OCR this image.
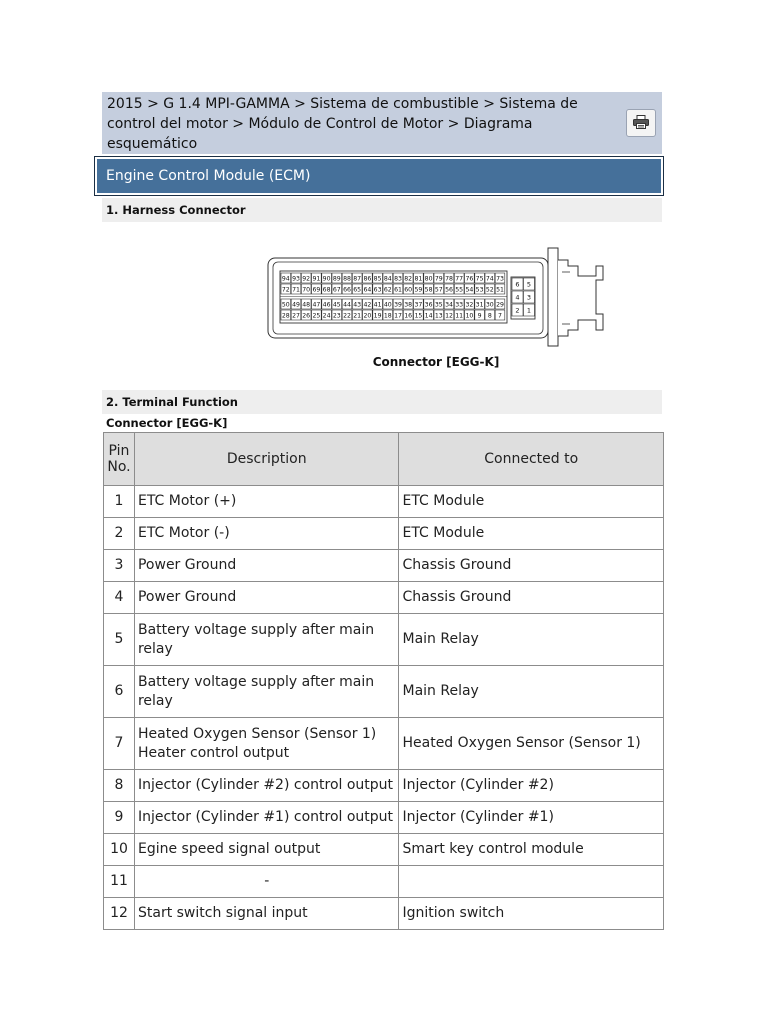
2015 > G 1.4 MPI-GAMMA > Sistema de combustible > Sistema de control del motor > Módulo de Control de Motor > Diagrama esquemático
Engine Control Module (ECM)
1. Harness Connector
94 93 92 91 90 89 88 87 86 85 84 83 82 81 80 79 78 77 76 75 74 73
72 71 70 69 68 67 66 65 64 63 62 61 60 59 58 57 56 55 54 53 52 51
50 49 48 47 46 45 44 43 42 41 40 39 38 37 36 35 34 33 32 31 30 29
28 27 26 25 24 23 22 21 20 19 18 17 16 15 14 13 12 11 10 9 8 7
6 5
4 3
2 1
Connector [EGG-K]
2. Terminal Function
Connector [EGG-K]
Pin No.	Description	Connected to
1	ETC Motor (+)	ETC Module
2	ETC Motor (-)	ETC Module
3	Power Ground	Chassis Ground
4	Power Ground	Chassis Ground
5	Battery voltage supply after main relay	Main Relay
6	Battery voltage supply after main relay	Main Relay
7	Heated Oxygen Sensor (Sensor 1) Heater control output	Heated Oxygen Sensor (Sensor 1)
8	Injector (Cylinder #2) control output	Injector (Cylinder #2)
9	Injector (Cylinder #1) control output	Injector (Cylinder #1)
10	Egine speed signal output	Smart key control module
11	-	
12	Start switch signal input	Ignition switch
